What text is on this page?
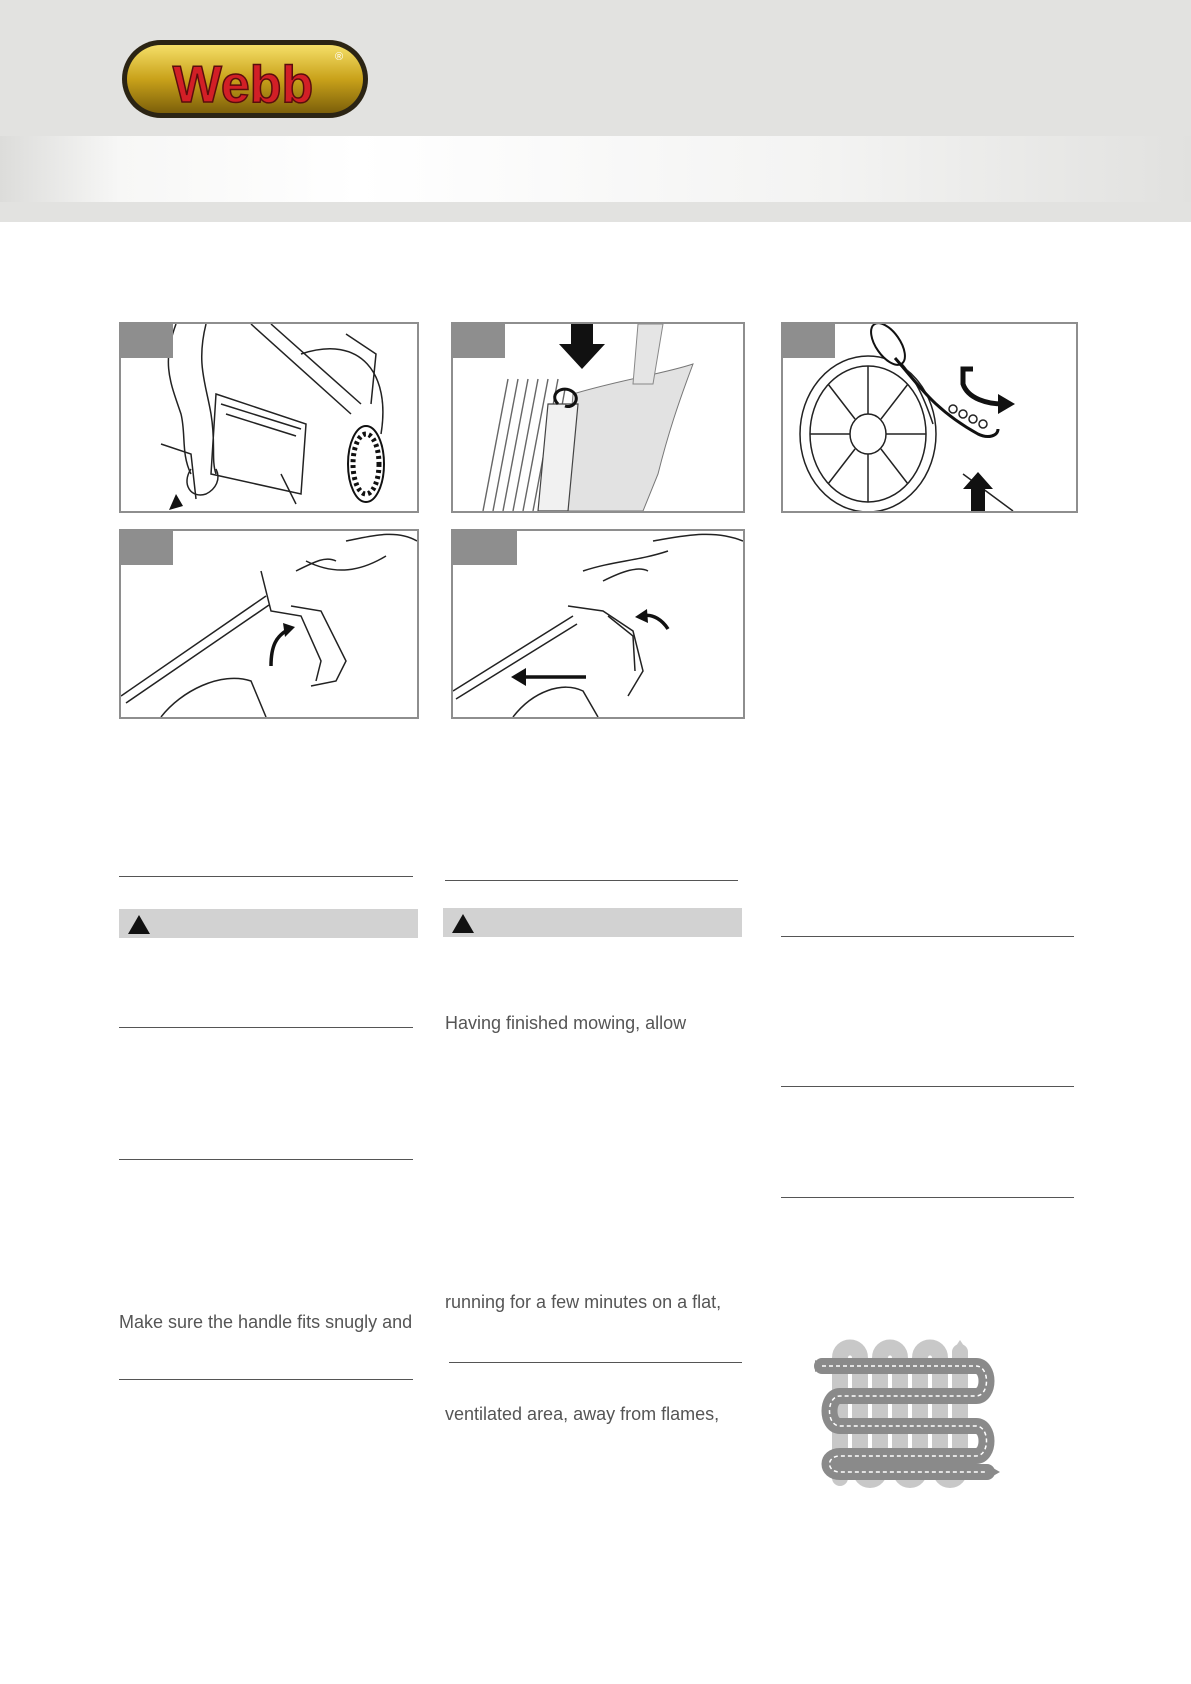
Webb ®
Make sure the handle fits snugly and
Having finished mowing, allow
running for a few minutes on a flat,
ventilated area, away from flames,
